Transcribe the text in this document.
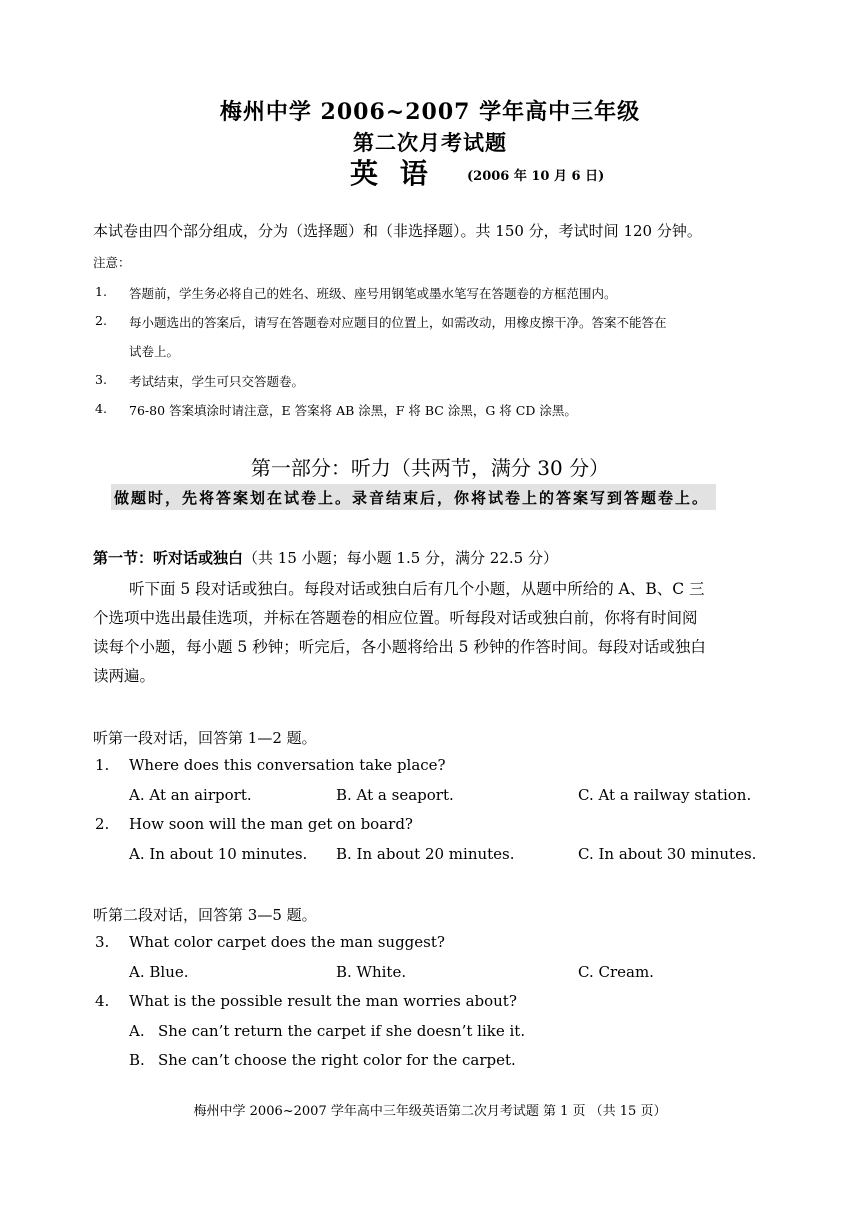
梅州中学 2006~2007 学年高中三年级
第二次月考试题
英 语	(2006 年 10 月 6 日)
本试卷由四个部分组成，分为（选择题）和（非选择题）。共 150 分，考试时间 120 分钟。
注意：
1. 答题前，学生务必将自己的姓名、班级、座号用钢笔或墨水笔写在答题卷的方框范围内。
2. 每小题选出的答案后，请写在答题卷对应题目的位置上，如需改动，用橡皮擦干净。答案不能答在
试卷上。
3. 考试结束，学生可只交答题卷。
4. 76-80 答案填涂时请注意，E 答案将 AB 涂黑，F 将 BC 涂黑，G 将 CD 涂黑。
第一部分：听力（共两节，满分 30 分）
做题时，先将答案划在试卷上。录音结束后，你将试卷上的答案写到答题卷上。
第一节：听对话或独白（共 15 小题；每小题 1.5 分，满分 22.5 分）
听下面 5 段对话或独白。每段对话或独白后有几个小题，从题中所给的 A、B、C 三
个选项中选出最佳选项，并标在答题卷的相应位置。听每段对话或独白前，你将有时间阅
读每个小题，每小题 5 秒钟；听完后，各小题将给出 5 秒钟的作答时间。每段对话或独白
读两遍。
听第一段对话，回答第 1—2 题。
1. Where does this conversation take place?
A. At an airport.	B. At a seaport.	C. At a railway station.
2. How soon will the man get on board?
A. In about 10 minutes. B. In about 20 minutes.	C. In about 30 minutes.
听第二段对话，回答第 3—5 题。
3. What color carpet does the man suggest?
A. Blue.	B. White.	C. Cream.
4. What is the possible result the man worries about?
A. She can’t return the carpet if she doesn’t like it.
B. She can’t choose the right color for the carpet.
梅州中学 2006~2007 学年高中三年级英语第二次月考试题 第 1 页 （共 15 页）
